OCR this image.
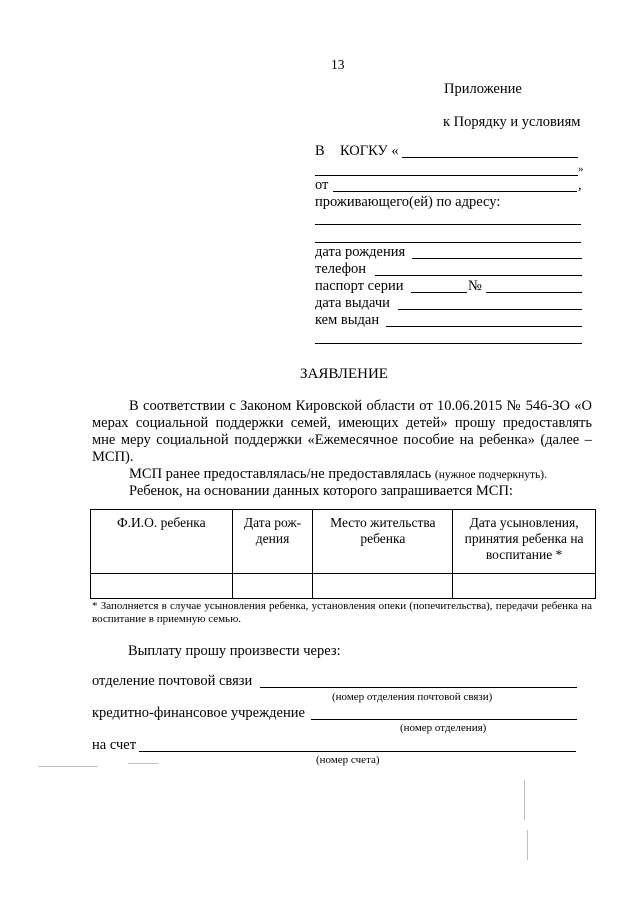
13
Приложение
к Порядку и условиям
В КОГКУ «
»
от	,
проживающего(ей) по адресу:
дата рождения
телефон
паспорт серии	№
дата выдачи
кем выдан
ЗАЯВЛЕНИЕ
В соответствии с Законом Кировской области от 10.06.2015 № 546-ЗО «О мерах социальной поддержки семей, имеющих детей» прошу предоставлять мне меру социальной поддержки «Ежемесячное пособие на ребенка» (далее – МСП).
МСП ранее предоставлялась/не предоставлялась (нужное подчеркнуть).
Ребенок, на основании данных которого запрашивается МСП:
Ф.И.О. ребенка	Дата рож-дения	Место жительства ребенка	Дата усыновления, принятия ребенка на воспитание *

* Заполняется в случае усыновления ребенка, установления опеки (попечительства), передачи ребенка на воспитание в приемную семью.
Выплату прошу произвести через:
отделение почтовой связи
(номер отделения почтовой связи)
кредитно-финансовое учреждение
(номер отделения)
на счет
(номер счета)
